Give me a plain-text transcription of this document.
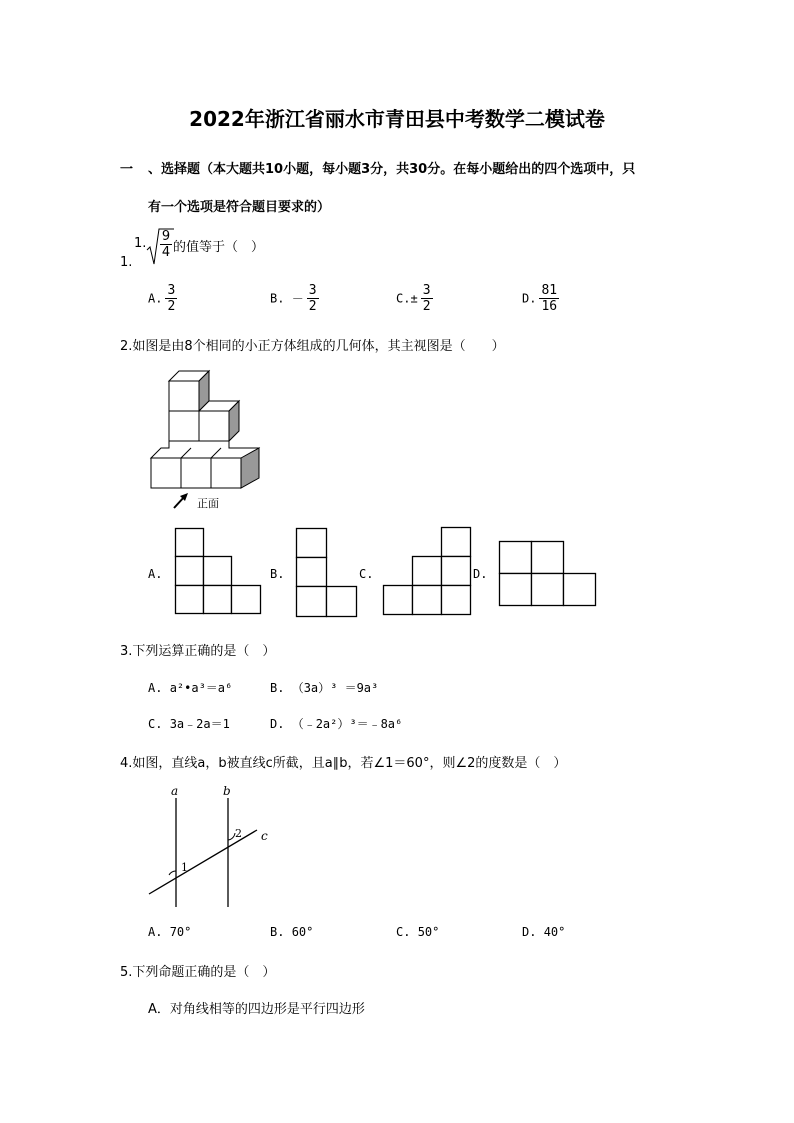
2022年浙江省丽水市青田县中考数学二模试卷
一 、选择题（本大题共10小题，每小题3分，共30分。在每小题给出的四个选项中，只
有一个选项是符合题目要求的）
1.
1.
$\frac{9}{4}$ 的值等于（　）
A. $\frac{3}{2}$	B. － $\frac{3}{2}$	$C.\pm \frac{3}{2}$	D. $\frac{81}{16}$
2.如图是由8个相同的小正方体组成的几何体，其主视图是（　　）
正面
A.	B.	C.	D.
3.下列运算正确的是（　）
A. a²•a³＝a⁶	B. （3a）³ ＝9a³
C. 3a﹣2a＝1	D. （﹣2a²）³＝﹣8a⁶
4.如图，直线a，b被直线c所截，且a∥b，若∠1＝60°，则∠2的度数是（　）
a	b
c
1
2
A. 70°	B. 60°	C. 50°	D. 40°
5.下列命题正确的是（　）
A．对角线相等的四边形是平行四边形
